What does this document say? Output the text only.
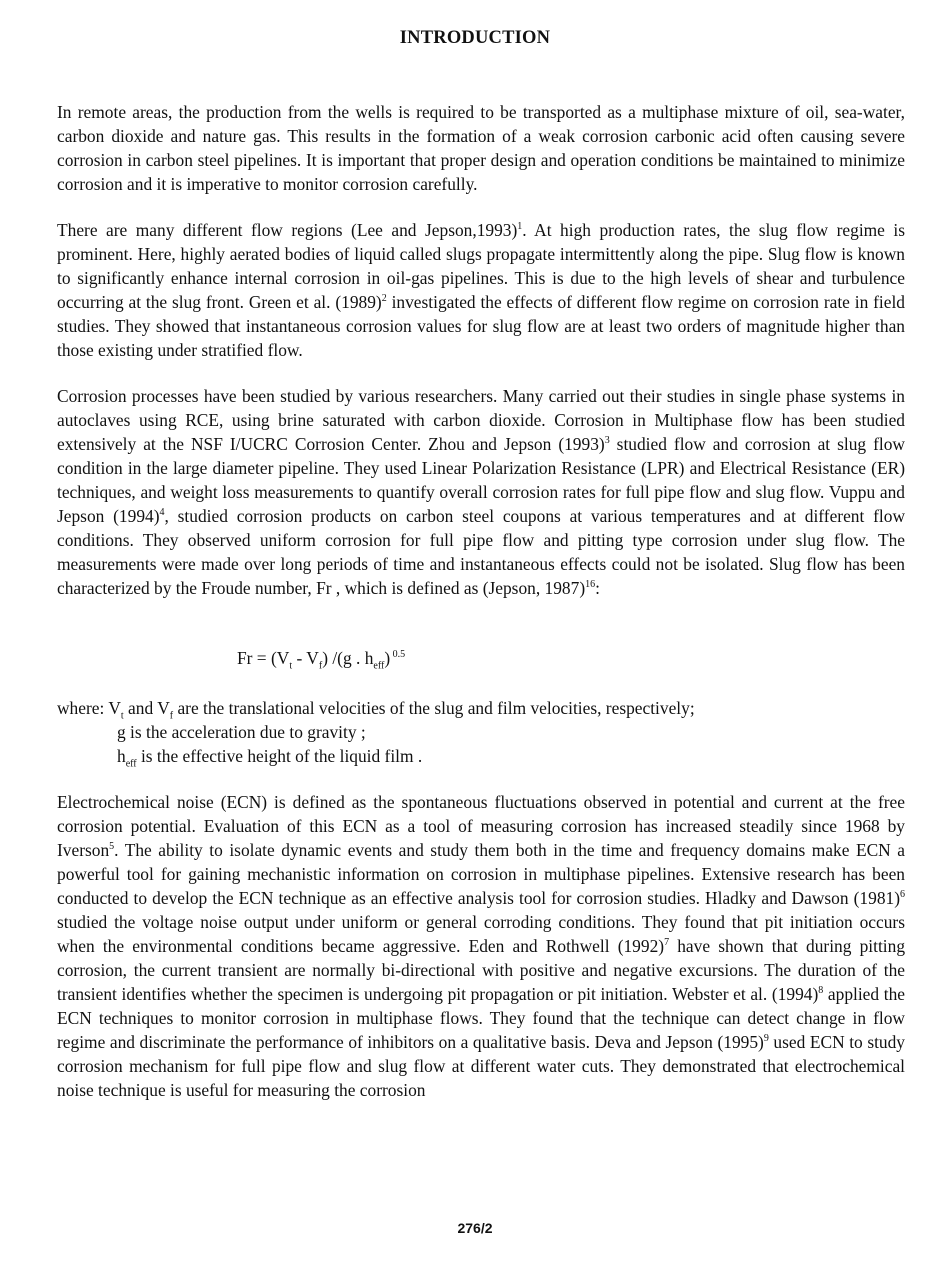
INTRODUCTION
In remote areas, the production from the wells is required to be transported as a multiphase mixture of oil, sea-water, carbon dioxide and nature gas. This results in the formation of a weak corrosion carbonic acid often causing severe corrosion in carbon steel pipelines. It is important that proper design and operation conditions be maintained to minimize corrosion and it is imperative to monitor corrosion carefully.
There are many different flow regions (Lee and Jepson,1993)$^1$. At high production rates, the slug flow regime is prominent. Here, highly aerated bodies of liquid called slugs propagate intermittently along the pipe. Slug flow is known to significantly enhance internal corrosion in oil-gas pipelines. This is due to the high levels of shear and turbulence occurring at the slug front. Green et al. $(1989)^2$ investigated the effects of different flow regime on corrosion rate in field studies. They showed that instantaneous corrosion values for slug flow are at least two orders of magnitude higher than those existing under stratified flow.
Corrosion processes have been studied by various researchers. Many carried out their studies in single phase systems in autoclaves using RCE, using brine saturated with carbon dioxide. Corrosion in Multiphase flow has been studied extensively at the NSF I/UCRC Corrosion Center. Zhou and Jepson $(1993)^3$ studied flow and corrosion at slug flow condition in the large diameter pipeline. They used Linear Polarization Resistance (LPR) and Electrical Resistance (ER) techniques, and weight loss measurements to quantify overall corrosion rates for full pipe flow and slug flow. Vuppu and Jepson $(1994)^4$, studied corrosion products on carbon steel coupons at various temperatures and at different flow conditions. They observed uniform corrosion for full pipe flow and pitting type corrosion under slug flow. The measurements were made over long periods of time and instantaneous effects could not be isolated. Slug flow has been characterized by the Froude number, Fr , which is defined as (Jepson, 1987)$^{16}$:
$Fr = (V_t - V_f)$ /(g . $h_{eff}$) $^{0.5}$
where: $V_t$ and $V_f$ are the translational velocities of the slug and film velocities, respectively;
g is the acceleration due to gravity ;
$h_{eff}$ is the effective height of the liquid film .
Electrochemical noise (ECN) is defined as the spontaneous fluctuations observed in potential and current at the free corrosion potential. Evaluation of this ECN as a tool of measuring corrosion has increased steadily since 1968 by Iverson$^5$. The ability to isolate dynamic events and study them both in the time and frequency domains make ECN a powerful tool for gaining mechanistic information on corrosion in multiphase pipelines. Extensive research has been conducted to develop the ECN technique as an effective analysis tool for corrosion studies. Hladky and Dawson $(1981)^6$ studied the voltage noise output under uniform or general corroding conditions. They found that pit initiation occurs when the environmental conditions became aggressive. Eden and Rothwell $(1992)^7$ have shown that during pitting corrosion, the current transient are normally bi-directional with positive and negative excursions. The duration of the transient identifies whether the specimen is undergoing pit propagation or pit initiation. Webster et al. $(1994)^8$ applied the ECN techniques to monitor corrosion in multiphase flows. They found that the technique can detect change in flow regime and discriminate the performance of inhibitors on a qualitative basis. Deva and Jepson $(1995)^9$ used ECN to study corrosion mechanism for full pipe flow and slug flow at different water cuts. They demonstrated that electrochemical noise technique is useful for measuring the corrosion
276/2
